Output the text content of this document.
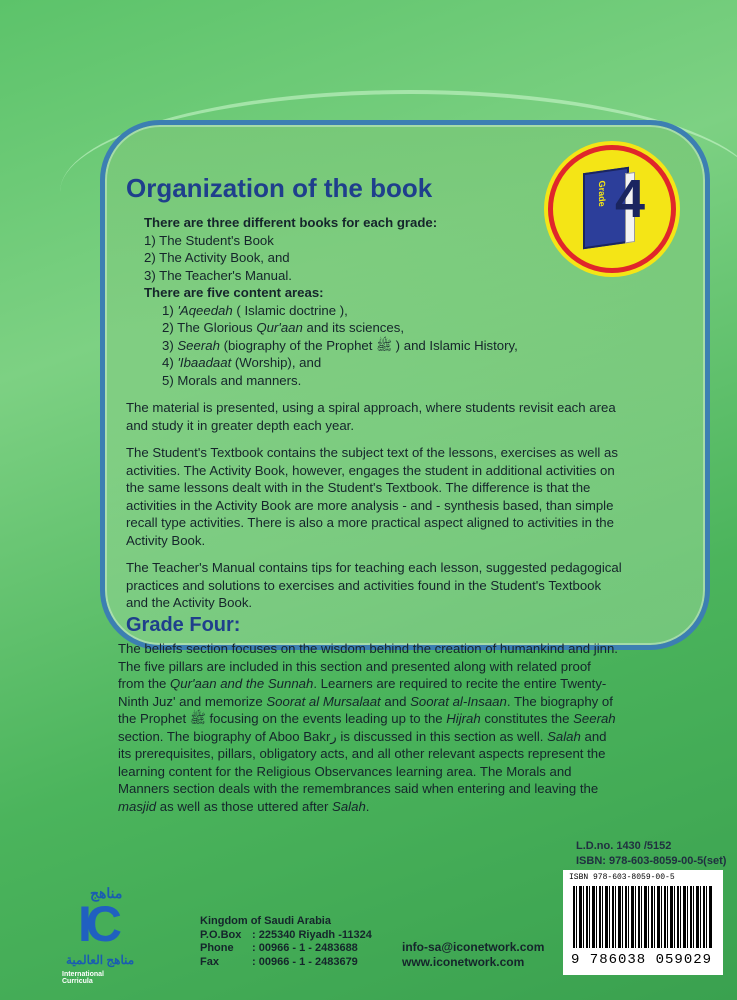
Grade 4
Organization of the book
There are three different books for each grade:
1) The Student's Book
2) The Activity Book, and
3) The Teacher's Manual.
There are five content areas:
1) 'Aqeedah ( Islamic doctrine ),
2) The Glorious Qur'aan and its sciences,
3) Seerah (biography of the Prophet ﷺ ) and Islamic History,
4) 'Ibaadaat (Worship), and
5) Morals and manners.

The material is presented, using a spiral approach, where students revisit each area and study it in greater depth each year.

The Student's Textbook contains the subject text of the lessons, exercises as well as activities. The Activity Book, however, engages the student in additional activities on the same lessons dealt with in the Student's Textbook. The difference is that the activities in the Activity Book are more analysis - and - synthesis based, than simple recall type activities. There is also a more practical aspect aligned to activities in the Activity Book.

The Teacher's Manual contains tips for teaching each lesson, suggested pedagogical practices and solutions to exercises and activities found in the Student's Textbook and the Activity Book.

Grade Four:
The beliefs section focuses on the wisdom behind the creation of humankind and jinn. The five pillars are included in this section and presented along with related proof from the Qur'aan and the Sunnah. Learners are required to recite the entire Twenty-Ninth Juz' and memorize Soorat al Mursalaat and Soorat al-Insaan. The biography of the Prophet ﷺ focusing on the events leading up to the Hijrah constitutes the Seerah section. The biography of Aboo Bakrر is discussed in this section as well. Salah and its prerequisites, pillars, obligatory acts, and all other relevant aspects represent the learning content for the Religious Observances learning area. The Morals and Manners section deals with the remembrances said when entering and leaving the masjid as well as those uttered after Salah.
L.D.no. 1430 /5152
ISBN: 978-603-8059-00-5(set)
ISBN 978-603-8059-00-5
9 786038 059029
مناهج
IC
مناهج العالمية
International Curricula
Kingdom of Saudi Arabia
P.O.Box : 225340 Riyadh -11324
Phone	: 00966 - 1 - 2483688
Fax	: 00966 - 1 - 2483679
info-sa@iconetwork.com
www.iconetwork.com
